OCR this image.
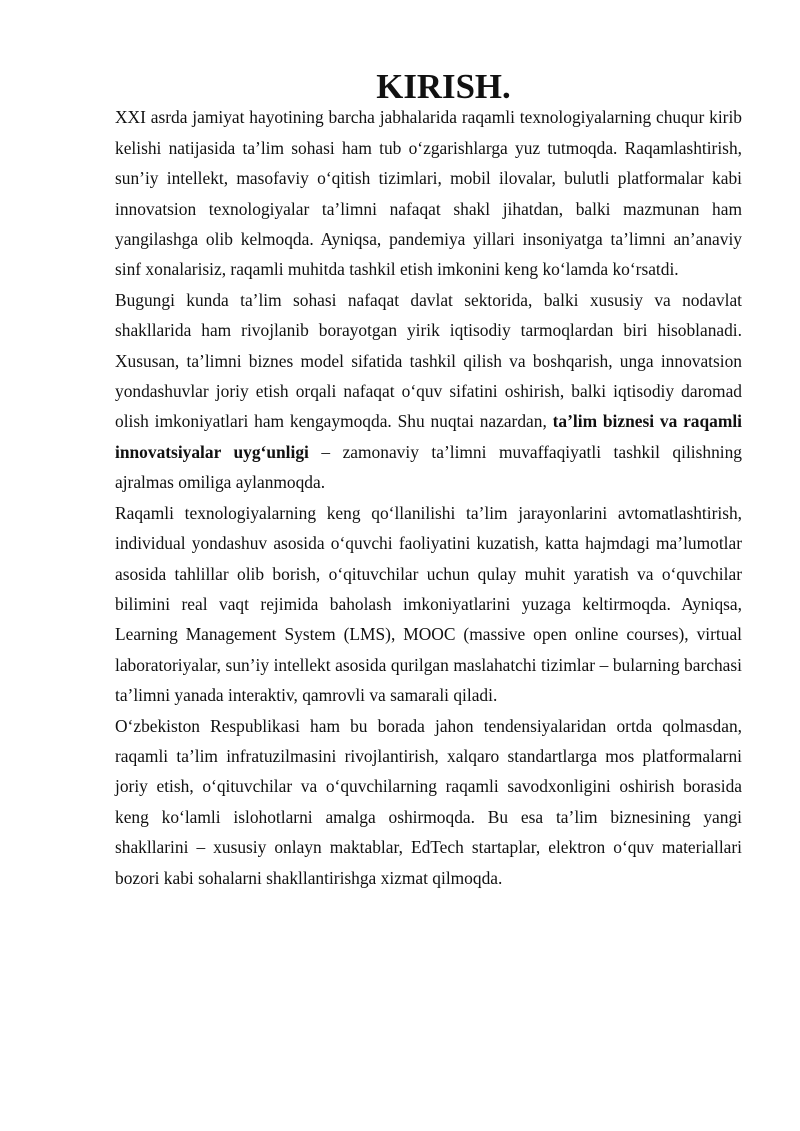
KIRISH.

XXI asrda jamiyat hayotining barcha jabhalarida raqamli texnologiyalarning chuqur kirib kelishi natijasida ta’lim sohasi ham tub o‘zgarishlarga yuz tutmoqda. Raqamlashtirish, sun’iy intellekt, masofaviy o‘qitish tizimlari, mobil ilovalar, bulutli platformalar kabi innovatsion texnologiyalar ta’limni nafaqat shakl jihatdan, balki mazmunan ham yangilashga olib kelmoqda. Ayniqsa, pandemiya yillari insoniyatga ta’limni an’anaviy sinf xonalarisiz, raqamli muhitda tashkil etish imkonini keng ko‘lamda ko‘rsatdi.

Bugungi kunda ta’lim sohasi nafaqat davlat sektorida, balki xususiy va nodavlat shakllarida ham rivojlanib borayotgan yirik iqtisodiy tarmoqlardan biri hisoblanadi. Xususan, ta’limni biznes model sifatida tashkil qilish va boshqarish, unga innovatsion yondashuvlar joriy etish orqali nafaqat o‘quv sifatini oshirish, balki iqtisodiy daromad olish imkoniyatlari ham kengaymoqda. Shu nuqtai nazardan, ta’lim biznesi va raqamli innovatsiyalar uyg‘unligi – zamonaviy ta’limni muvaffaqiyatli tashkil qilishning ajralmas omiliga aylanmoqda.

Raqamli texnologiyalarning keng qo‘llanilishi ta’lim jarayonlarini avtomatlashtirish, individual yondashuv asosida o‘quvchi faoliyatini kuzatish, katta hajmdagi ma’lumotlar asosida tahlillar olib borish, o‘qituvchilar uchun qulay muhit yaratish va o‘quvchilar bilimini real vaqt rejimida baholash imkoniyatlarini yuzaga keltirmoqda. Ayniqsa, Learning Management System (LMS), MOOC (massive open online courses), virtual laboratoriyalar, sun’iy intellekt asosida qurilgan maslahatchi tizimlar – bularning barchasi ta’limni yanada interaktiv, qamrovli va samarali qiladi.

O‘zbekiston Respublikasi ham bu borada jahon tendensiyalaridan ortda qolmasdan, raqamli ta’lim infratuzilmasini rivojlantirish, xalqaro standartlarga mos platformalarni joriy etish, o‘qituvchilar va o‘quvchilarning raqamli savodxonligini oshirish borasida keng ko‘lamli islohotlarni amalga oshirmoqda. Bu esa ta’lim biznesining yangi shakllarini – xususiy onlayn maktablar, EdTech startaplar, elektron o‘quv materiallari bozori kabi sohalarni shakllantirishga xizmat qilmoqda.
